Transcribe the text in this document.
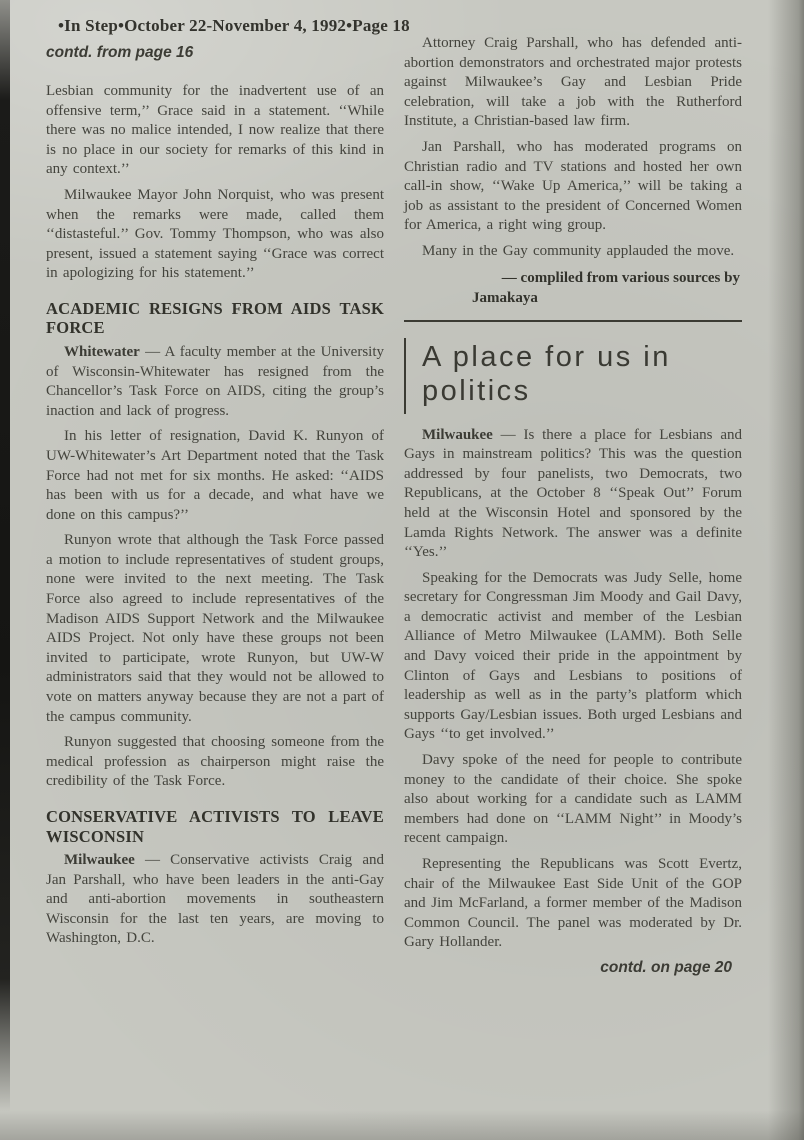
•In Step•October 22-November 4, 1992•Page 18
contd. from page 16

Lesbian community for the inadvertent use of an offensive term,’’ Grace said in a statement. ‘‘While there was no malice intended, I now realize that there is no place in our society for remarks of this kind in any context.’’

Milwaukee Mayor John Norquist, who was present when the remarks were made, called them ‘‘distasteful.’’ Gov. Tommy Thompson, who was also present, issued a statement saying ‘‘Grace was correct in apologizing for his statement.’’

ACADEMIC RESIGNS FROM AIDS TASK FORCE

Whitewater — A faculty member at the University of Wisconsin-Whitewater has resigned from the Chancellor’s Task Force on AIDS, citing the group’s inaction and lack of progress.

In his letter of resignation, David K. Runyon of UW-Whitewater’s Art Department noted that the Task Force had not met for six months. He asked: ‘‘AIDS has been with us for a decade, and what have we done on this campus?’’

Runyon wrote that although the Task Force passed a motion to include representatives of student groups, none were invited to the next meeting. The Task Force also agreed to include representatives of the Madison AIDS Support Network and the Milwaukee AIDS Project. Not only have these groups not been invited to participate, wrote Runyon, but UW-W administrators said that they would not be allowed to vote on matters anyway because they are not a part of the campus community.

Runyon suggested that choosing someone from the medical profession as chairperson might raise the credibility of the Task Force.

CONSERVATIVE ACTIVISTS TO LEAVE WISCONSIN

Milwaukee — Conservative activists Craig and Jan Parshall, who have been leaders in the anti-Gay and anti-abortion movements in southeastern Wisconsin for the last ten years, are moving to Washington, D.C.

Attorney Craig Parshall, who has defended anti-abortion demonstrators and orchestrated major protests against Milwaukee’s Gay and Lesbian Pride celebration, will take a job with the Rutherford Institute, a Christian-based law firm.

Jan Parshall, who has moderated programs on Christian radio and TV stations and hosted her own call-in show, ‘‘Wake Up America,’’ will be taking a job as assistant to the president of Concerned Women for America, a right wing group.

Many in the Gay community applauded the move.

— compliled from various sources by
Jamakaya
A place for us in politics

Milwaukee — Is there a place for Lesbians and Gays in mainstream politics? This was the question addressed by four panelists, two Democrats, two Republicans, at the October 8 ‘‘Speak Out’’ Forum held at the Wisconsin Hotel and sponsored by the Lamda Rights Network. The answer was a definite ‘‘Yes.’’

Speaking for the Democrats was Judy Selle, home secretary for Congressman Jim Moody and Gail Davy, a democratic activist and member of the Lesbian Alliance of Metro Milwaukee (LAMM). Both Selle and Davy voiced their pride in the appointment by Clinton of Gays and Lesbians to positions of leadership as well as in the party’s platform which supports Gay/Lesbian issues. Both urged Lesbians and Gays ‘‘to get involved.’’

Davy spoke of the need for people to contribute money to the candidate of their choice. She spoke also about working for a candidate such as LAMM members had done on ‘‘LAMM Night’’ in Moody’s recent campaign.

Representing the Republicans was Scott Evertz, chair of the Milwaukee East Side Unit of the GOP and Jim McFarland, a former member of the Madison Common Council. The panel was moderated by Dr. Gary Hollander.

contd. on page 20
